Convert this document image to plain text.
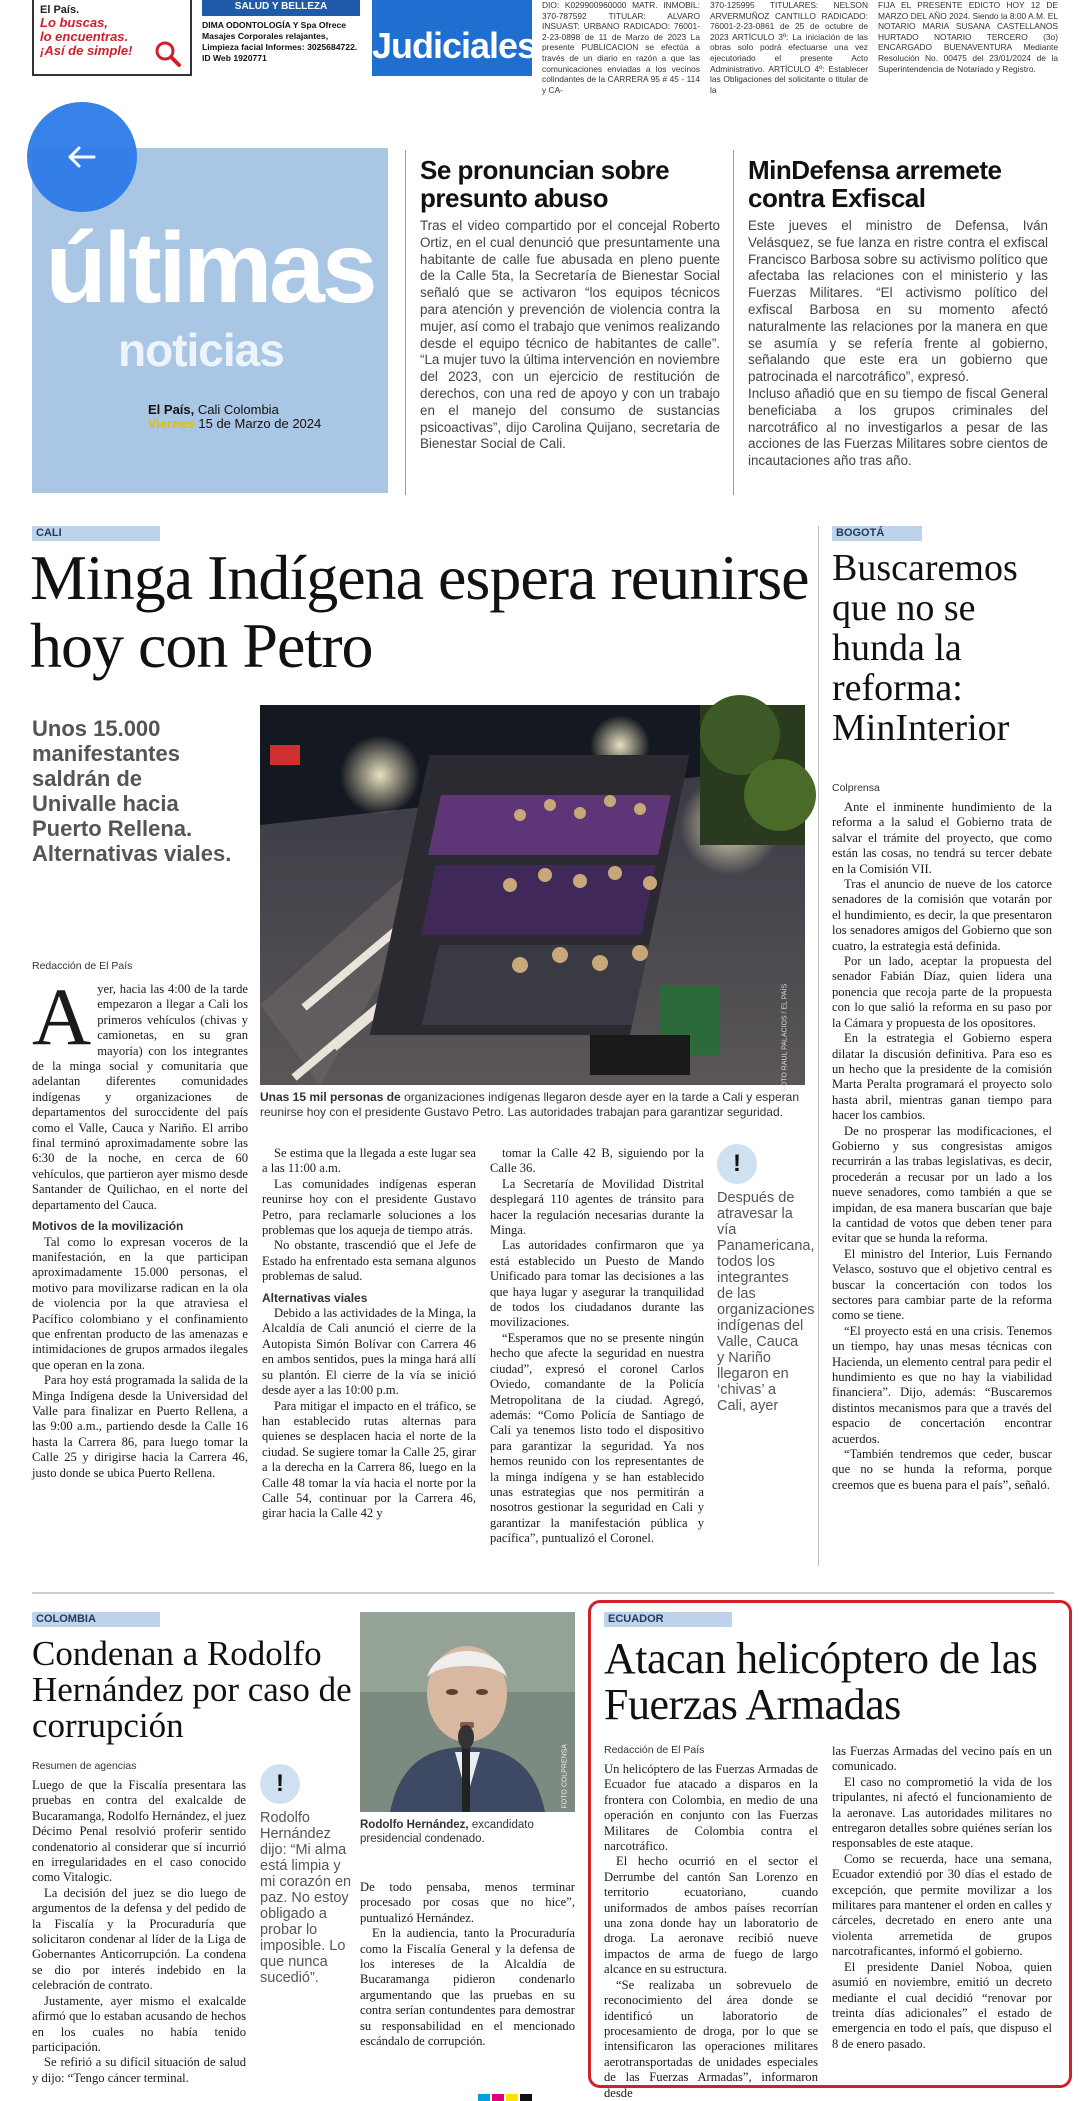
El País.
Lo buscas,
lo encuentras.
¡Así de simple!
SALUD Y BELLEZA
DIMA ODONTOLOGÍA Y Spa Ofrece Masajes Corporales relajantes, Limpieza facial Informes: 3025684722. ID Web 1920771	Judiciales
DIO: K029900960000 MATR. INMOBIL: 370-787592 TITULAR: ALVARO INSUAST: URBANO RADICADO: 76001-2-23-0898 de 11 de Marzo de 2023 La presente PUBLICACION se efectúa a través de un diario en razón a que las comunicaciones enviadas a los vecinos colindantes de la CARRERA 95 # 45 - 114 y CA-
370-125995 TITULARES: NELSON ARVERMUÑOZ CANTILLO RADICADO: 76001-2-23-0861 de 25 de octubre de 2023 ARTÍCULO 3º: La iniciación de las obras solo podrá efectuarse una vez ejecutoriado el presente Acto Administrativo. ARTÍCULO 4º: Establecer las Obligaciones del solicitante o titular de la
FIJA EL PRESENTE EDICTO HOY 12 DE MARZO DEL AÑO 2024. Siendo la 8:00 A.M. EL NOTARIO MARIA SUSANA CASTELLANOS HURTADO NOTARIO TERCERO (3o) ENCARGADO BUENAVENTURA Mediante Resolución No. 00475 del 23/01/2024 de la Superintendencia de Notariado y Registro.
últimas
noticias
El País, Cali Colombia
Viernes 15 de Marzo de 2024
Se pronuncian sobre presunto abuso
Tras el video compartido por el concejal Roberto Ortiz, en el cual denunció que presuntamente una habitante de calle fue abusada en pleno puente de la Calle 5ta, la Secretaría de Bienestar Social señaló que se activaron “los equipos técnicos para atención y prevención de violencia contra la mujer, así como el trabajo que venimos realizando desde el equipo técnico de habitantes de calle”. “La mujer tuvo la última intervención en noviembre del 2023, con un ejercicio de restitución de derechos, con una red de apoyo y con un trabajo en el manejo del consumo de sustancias psicoactivas”, dijo Carolina Quijano, secretaria de Bienestar Social de Cali.
MinDefensa arremete contra Exfiscal
Este jueves el ministro de Defensa, Iván Velásquez, se fue lanza en ristre contra el exfiscal Francisco Barbosa sobre su activismo político que afectaba las relaciones con el ministerio y las Fuerzas Militares. “El activismo político del exfiscal Barbosa en su momento afectó naturalmente las relaciones por la manera en que se asumía y se refería frente al gobierno, señalando que este era un gobierno que patrocinada el narcotráfico”, expresó.
Incluso añadió que en su tiempo de fiscal General beneficiaba a los grupos criminales del narcotráfico al no investigarlos a pesar de las acciones de las Fuerzas Militares sobre cientos de incautaciones año tras año.
CALI
Minga Indígena espera reunirse hoy con Petro
Unos 15.000 manifestantes saldrán de Univalle hacia Puerto Rellena. Alternativas viales.
Redacción de El País
FOTO RAUL PALACIOS / EL PAÍS
Unas 15 mil personas de organizaciones indígenas llegaron desde ayer en la tarde a Cali y esperan reunirse hoy con el presidente Gustavo Petro. Las autoridades trabajan para garantizar seguridad.
A yer, hacia las 4:00 de la tarde empezaron a llegar a Cali los primeros vehículos (chivas y camionetas, en su gran mayoría) con los integrantes de la minga social y comunitaria que adelantan diferentes comunidades indígenas y organizaciones de departamentos del suroccidente del país como el Valle, Cauca y Nariño. El arribo final terminó aproximadamente sobre las 6:30 de la noche, en cerca de 60 vehículos, que partieron ayer mismo desde Santander de Quilichao, en el norte del departamento del Cauca.
Motivos de la movilización

Tal como lo expresan voceros de la manifestación, en la que participan aproximadamente 15.000 personas, el motivo para movilizarse radican en la ola de violencia por la que atraviesa el Pacífico colombiano y el confinamiento que enfrentan producto de las amenazas e intimidaciones de grupos armados ilegales que operan en la zona.

Para hoy está programada la salida de la Minga Indígena desde la Universidad del Valle para finalizar en Puerto Rellena, a las 9:00 a.m., partiendo desde la Calle 16 hasta la Carrera 86, para luego tomar la Calle 25 y dirigirse hacia la Carrera 46, justo donde se ubica Puerto Rellena.

Se estima que la llegada a este lugar sea a las 11:00 a.m.

Las comunidades indígenas esperan reunirse hoy con el presidente Gustavo Petro, para reclamarle soluciones a los problemas que los aqueja de tiempo atrás.

No obstante, trascendió que el Jefe de Estado ha enfrentado esta semana algunos problemas de salud.

Alternativas viales

Debido a las actividades de la Minga, la Alcaldía de Cali anunció el cierre de la Autopista Simón Bolívar con Carrera 46 en ambos sentidos, pues la minga hará allí su plantón. El cierre de la vía se inició desde ayer a las 10:00 p.m.

Para mitigar el impacto en el tráfico, se han establecido rutas alternas para quienes se desplacen hacia el norte de la ciudad. Se sugiere tomar la Calle 25, girar a la derecha en la Carrera 86, luego en la Calle 48 tomar la vía hacia el norte por la Calle 54, continuar por la Carrera 46, girar hacia la Calle 42 y

tomar la Calle 42 B, siguiendo por la Calle 36.

La Secretaría de Movilidad Distrital desplegará 110 agentes de tránsito para hacer la regulación necesarias durante la Minga.

Las autoridades confirmaron que ya está establecido un Puesto de Mando Unificado para tomar las decisiones a las que haya lugar y asegurar la tranquilidad de todos los ciudadanos durante las movilizaciones.

“Esperamos que no se presente ningún hecho que afecte la seguridad en nuestra ciudad”, expresó el coronel Carlos Oviedo, comandante de la Policía Metropolitana de la ciudad. Agregó, además: “Como Policía de Santiago de Cali ya tenemos listo todo el dispositivo para garantizar la seguridad. Ya nos hemos reunido con los representantes de la minga indígena y se han establecido unas estrategias que nos permitirán a nosotros gestionar la seguridad en Cali y garantizar la manifestación pública y pacífica”, puntualizó el Coronel.

!
Después de atravesar la vía Panamericana, todos los integrantes de las organizaciones indígenas del Valle, Cauca y Nariño llegaron en ‘chivas’ a Cali, ayer
BOGOTÁ
Buscaremos que no se hunda la reforma: MinInterior
Colprensa

Ante el inminente hundimiento de la reforma a la salud el Gobierno trata de salvar el trámite del proyecto, que como están las cosas, no tendrá su tercer debate en la Comisión VII.

Tras el anuncio de nueve de los catorce senadores de la comisión que votarán por el hundimiento, es decir, la que presentaron los senadores amigos del Gobierno que son cuatro, la estrategia está definida.

Por un lado, aceptar la propuesta del senador Fabián Díaz, quien lidera una ponencia que recoja parte de la propuesta con lo que salió la reforma en su paso por la Cámara y propuesta de los opositores.

En la estrategia el Gobierno espera dilatar la discusión definitiva. Para eso es un hecho que la presidente de la comisión Marta Peralta programará el proyecto solo hasta abril, mientras ganan tiempo para hacer los cambios.

De no prosperar las modificaciones, el Gobierno y sus congresistas amigos recurrirán a las trabas legislativas, es decir, procederán a recusar por un lado a los nueve senadores, como también a que se impidan, de esa manera buscarían que baje la cantidad de votos que deben tener para evitar que se hunda la reforma.

El ministro del Interior, Luis Fernando Velasco, sostuvo que el objetivo central es buscar la concertación con todos los sectores para cambiar parte de la reforma como se tiene.

“El proyecto está en una crisis. Tenemos un tiempo, hay unas mesas técnicas con Hacienda, un elemento central para pedir el hundimiento es que no hay la viabilidad financiera”. Dijo, además: “Buscaremos distintos mecanismos para que a través del espacio de concertación encontrar acuerdos.

“También tendremos que ceder, buscar que no se hunda la reforma, porque creemos que es buena para el país”, señaló.

COLOMBIA
Condenan a Rodolfo Hernández por caso de corrupción
Resumen de agencias

Luego de que la Fiscalía presentara las pruebas en contra del exalcalde de Bucaramanga, Rodolfo Hernández, el juez Décimo Penal resolvió proferir sentido condenatorio al considerar que sí incurrió en irregularidades en el caso conocido como Vitalogic.

La decisión del juez se dio luego de argumentos de la defensa y del pedido de la Fiscalía y la Procuraduría que solicitaron condenar al líder de la Liga de Gobernantes Anticorrupción. La condena se dio por interés indebido en la celebración de contrato.

Justamente, ayer mismo el exalcalde afirmó que lo estaban acusando de hechos en los cuales no había tenido participación.

Se refirió a su difícil situación de salud y dijo: “Tengo cáncer terminal.

!
Rodolfo Hernández dijo: “Mi alma está limpia y mi corazón en paz. No estoy obligado a probar lo imposible. Lo que nunca sucedió”.
FOTO COLPRENSA
Rodolfo Hernández, excandidato presidencial condenado.

De todo pensaba, menos terminar procesado por cosas que no hice”, puntualizó Hernández.

En la audiencia, tanto la Procuraduría como la Fiscalía General y la defensa de los intereses de la Alcaldía de Bucaramanga pidieron condenarlo argumentando que las pruebas en su contra serían contundentes para demostrar su responsabilidad en el mencionado escándalo de corrupción.

ECUADOR
Atacan helicóptero de las Fuerzas Armadas
Redacción de El País

Un helicóptero de las Fuerzas Armadas de Ecuador fue atacado a disparos en la frontera con Colombia, en medio de una operación en conjunto con las Fuerzas Militares de Colombia contra el narcotráfico.

El hecho ocurrió en el sector el Derrumbe del cantón San Lorenzo en territorio ecuatoriano, cuando uniformados de ambos países recorrían una zona donde hay un laboratorio de droga. La aeronave recibió nueve impactos de arma de fuego de largo alcance en su estructura.

“Se realizaba un sobrevuelo de reconocimiento del área donde se identificó un laboratorio de procesamiento de droga, por lo que se intensificaron las operaciones militares aerotransportadas de unidades especiales de las Fuerzas Armadas”, informaron desde

las Fuerzas Armadas del vecino país en un comunicado.

El caso no comprometió la vida de los tripulantes, ni afectó el funcionamiento de la aeronave. Las autoridades militares no entregaron detalles sobre quiénes serían los responsables de este ataque.

Como se recuerda, hace una semana, Ecuador extendió por 30 días el estado de excepción, que permite movilizar a los militares para mantener el orden en calles y cárceles, decretado en enero ante una violenta arremetida de grupos narcotraficantes, informó el gobierno.

El presidente Daniel Noboa, quien asumió en noviembre, emitió un decreto mediante el cual decidió “renovar por treinta días adicionales” el estado de emergencia en todo el país, que dispuso el 8 de enero pasado.
